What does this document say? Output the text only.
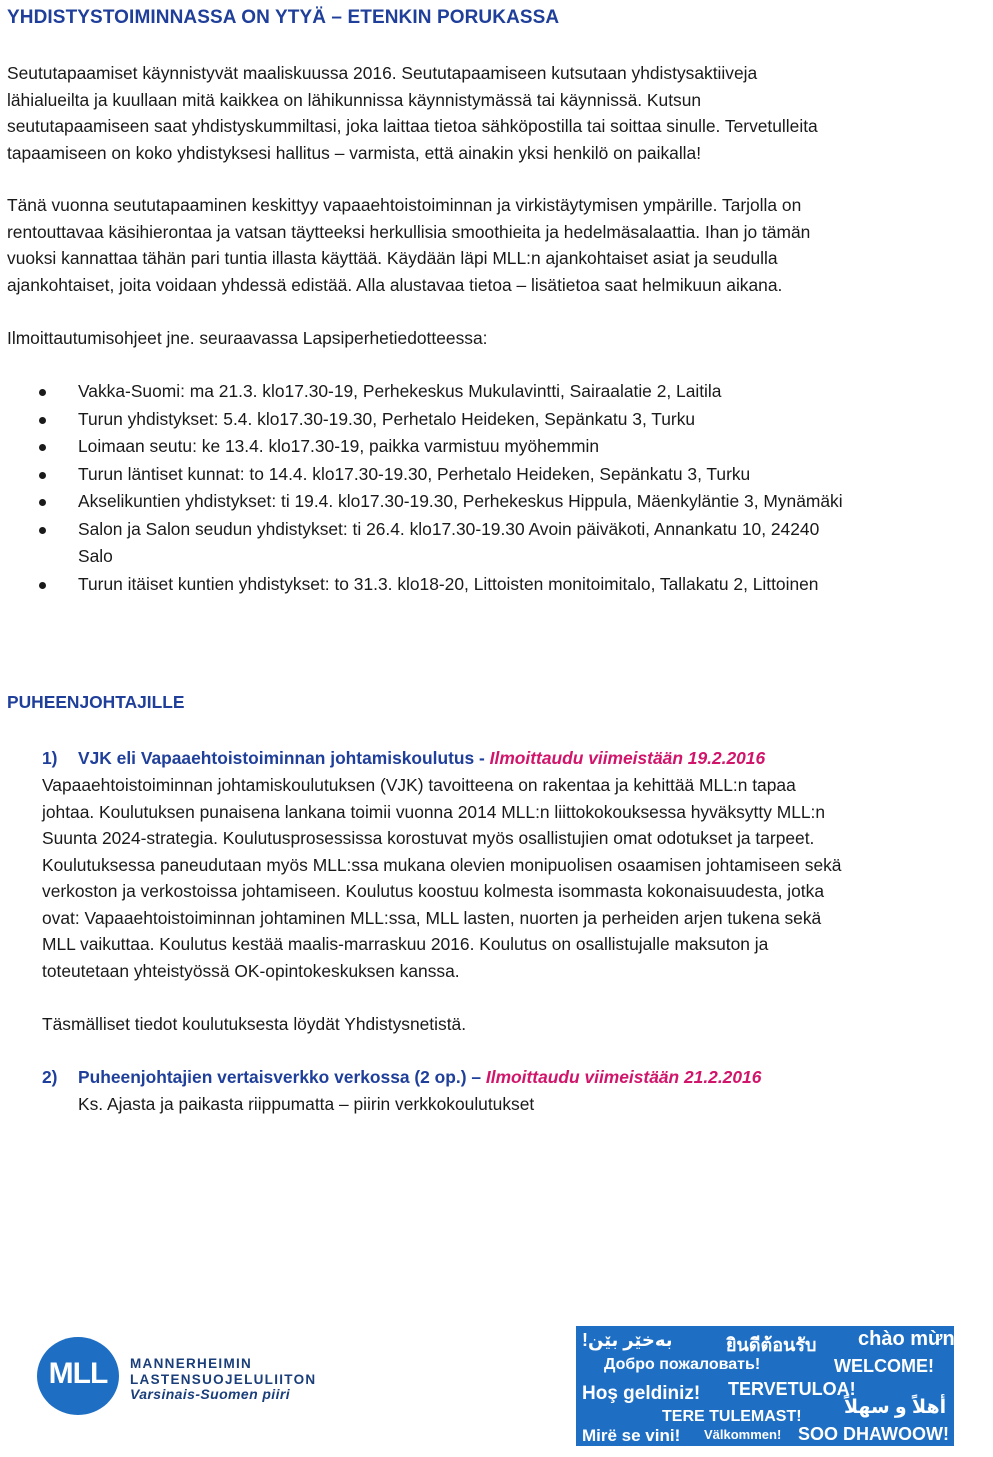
YHDISTYSTOIMINNASSA ON YTYÄ – ETENKIN PORUKASSA

Seututapaamiset käynnistyvät maaliskuussa 2016. Seututapaamiseen kutsutaan yhdistysaktiiveja
lähialueilta ja kuullaan mitä kaikkea on lähikunnissa käynnistymässä tai käynnissä. Kutsun
seututapaamiseen saat yhdistyskummiltasi, joka laittaa tietoa sähköpostilla tai soittaa sinulle. Tervetulleita
tapaamiseen on koko yhdistyksesi hallitus – varmista, että ainakin yksi henkilö on paikalla!

Tänä vuonna seututapaaminen keskittyy vapaaehtoistoiminnan ja virkistäytymisen ympärille. Tarjolla on
rentouttavaa käsihierontaa ja vatsan täytteeksi herkullisia smoothieita ja hedelmäsalaattia. Ihan jo tämän
vuoksi kannattaa tähän pari tuntia illasta käyttää. Käydään läpi MLL:n ajankohtaiset asiat ja seudulla
ajankohtaiset, joita voidaan yhdessä edistää. Alla alustavaa tietoa – lisätietoa saat helmikuun aikana.

Ilmoittautumisohjeet jne. seuraavassa Lapsiperhetiedotteessa:

Vakka-Suomi: ma 21.3. klo17.30-19, Perhekeskus Mukulavintti, Sairaalatie 2, Laitila
Turun yhdistykset: 5.4. klo17.30-19.30, Perhetalo Heideken, Sepänkatu 3, Turku
Loimaan seutu: ke 13.4. klo17.30-19, paikka varmistuu myöhemmin
Turun läntiset kunnat: to 14.4. klo17.30-19.30, Perhetalo Heideken, Sepänkatu 3, Turku
Akselikuntien yhdistykset: ti 19.4. klo17.30-19.30, Perhekeskus Hippula, Mäenkyläntie 3, Mynämäki
Salon ja Salon seudun yhdistykset: ti 26.4. klo17.30-19.30 Avoin päiväkoti, Annankatu 10, 24240
Salo
Turun itäiset kuntien yhdistykset: to 31.3. klo18-20, Littoisten monitoimitalo, Tallakatu 2, Littoinen
PUHEENJOHTAJILLE
1) VJK eli Vapaaehtoistoiminnan johtamiskoulutus - Ilmoittaudu viimeistään 19.2.2016
Vapaaehtoistoiminnan johtamiskoulutuksen (VJK) tavoitteena on rakentaa ja kehittää MLL:n tapaa
johtaa. Koulutuksen punaisena lankana toimii vuonna 2014 MLL:n liittokokouksessa hyväksytty MLL:n
Suunta 2024-strategia. Koulutusprosessissa korostuvat myös osallistujien omat odotukset ja tarpeet.
Koulutuksessa paneudutaan myös MLL:ssa mukana olevien monipuolisen osaamisen johtamiseen sekä
verkoston ja verkostoissa johtamiseen. Koulutus koostuu kolmesta isommasta kokonaisuudesta, jotka
ovat: Vapaaehtoistoiminnan johtaminen MLL:ssa, MLL lasten, nuorten ja perheiden arjen tukena sekä
MLL vaikuttaa. Koulutus kestää maalis-marraskuu 2016. Koulutus on osallistujalle maksuton ja
toteutetaan yhteistyössä OK-opintokeskuksen kanssa.
Täsmälliset tiedot koulutuksesta löydät Yhdistysnetistä.
2) Puheenjohtajien vertaisverkko verkossa (2 op.) – Ilmoittaudu viimeistään 21.2.2016
Ks. Ajasta ja paikasta riippumatta – piirin verkkokoulutukset
MLL	MANNERHEIMIN
LASTENSUOJELULIITON
Varsinais-Suomen piiri
!بەخێر بێن	ยินดีต้อนรับ chào mừng
Добро пожаловать!	WELCOME!
Hoş geldiniz! TERVETULOA!
أهلاً و سهلاً
TERE TULEMAST!
Mirë se vini! Välkommen! SOO DHAWOOW!
